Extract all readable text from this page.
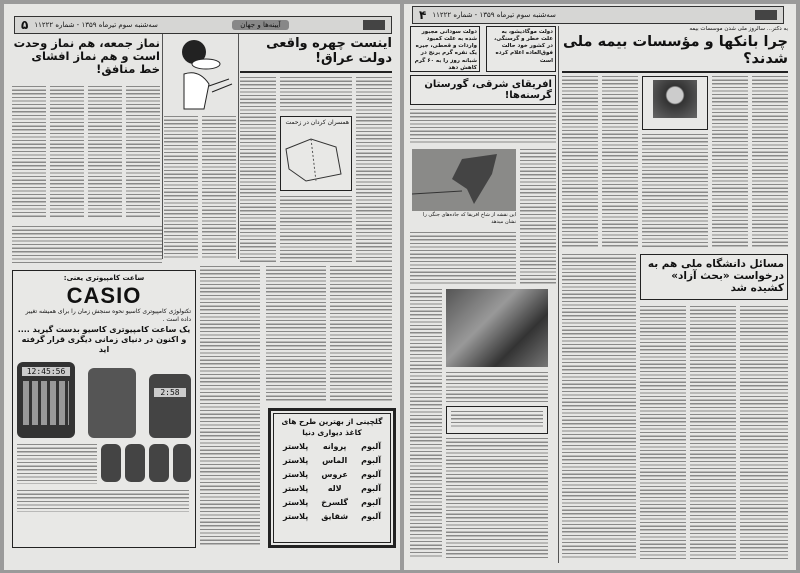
۵ سه‌شنبه سوم تیرماه ۱۳۵۹ - شماره ۱۱۲۲۲	آیینه‌ها و جهان
نماز جمعه، هم نماز وحدت است و هم نماز افشای خط منافق!
اینست چهره واقعی دولت عراق!
همسران کردان در زحمت
ساعت کامپیوتری یعنی:
CASIO
تکنولوژی کامپیوتری کاسیو نحوه سنجش زمان را برای همیشه تغییر داده است .
یک ساعت کامپیوتری کاسیو بدست گیرید ....
و اکنون در دنیای زمانی دیگری قرار گرفته اید
12:45:56
2:58
گلچینی از بهترین طرح های کاغذ دیواری دنیا
آلبوم
پروانه
پلاستر
آلبوم
الماس
پلاستر
آلبوم
عروس
پلاستر
آلبوم
لاله
پلاستر
آلبوم
گلسرخ
پلاستر
آلبوم
شقایق
پلاستر
۴ سه‌شنبه سوم تیرماه ۱۳۵۹ - شماره ۱۱۲۲۲
دولت سودانی مجبور شده به علت کمبود واردات و قحطی، جیره یک نفره گرم برنج در شبانه روز را به ۶۰ گرم کاهش دهد
دولت موگادیشو، به علت خطر و گرسنگی، در کشور خود حالت فوق‌العاده اعلام کرده است
افریقای شرقی، گورستان گرسنه‌ها!
این نقشه از شاخ افریقا که جاده‌های جنگی را نشان میدهد
به دکتر... سالروز ملی شدن موسسات بیمه
چرا بانکها و مؤسسات بیمه ملی شدند؟
مسائل دانشگاه ملی هم به درخواست «بحث آزاد» کشیده شد
